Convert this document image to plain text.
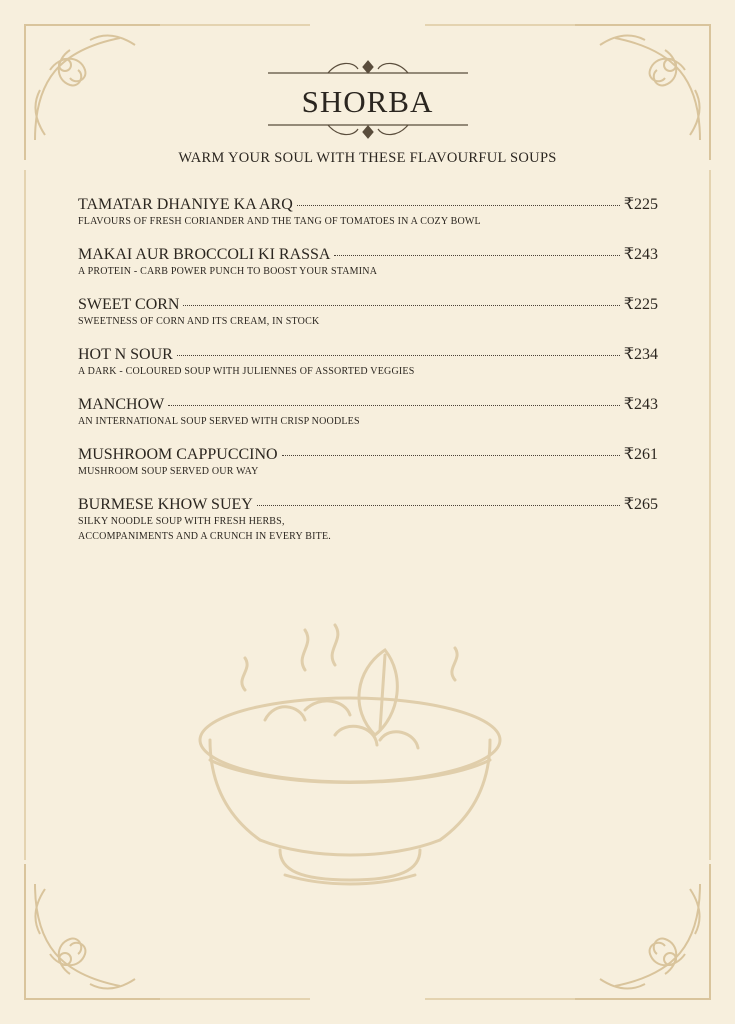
SHORBA
WARM YOUR SOUL WITH THESE FLAVOURFUL SOUPS
TAMATAR DHANIYE KA ARQ	₹225
FLAVOURS OF FRESH CORIANDER AND THE TANG OF TOMATOES IN A COZY BOWL
MAKAI AUR BROCCOLI KI RASSA	₹243
A PROTEIN - CARB POWER PUNCH TO BOOST YOUR STAMINA
SWEET CORN	₹225
SWEETNESS OF CORN AND ITS CREAM, IN STOCK
HOT N SOUR	₹234
A DARK - COLOURED SOUP WITH JULIENNES OF ASSORTED VEGGIES
MANCHOW	₹243
AN INTERNATIONAL SOUP SERVED WITH CRISP NOODLES
MUSHROOM CAPPUCCINO	₹261
MUSHROOM SOUP SERVED OUR WAY
BURMESE KHOW SUEY	₹265
SILKY NOODLE SOUP WITH FRESH HERBS,
ACCOMPANIMENTS AND A CRUNCH IN EVERY BITE.
